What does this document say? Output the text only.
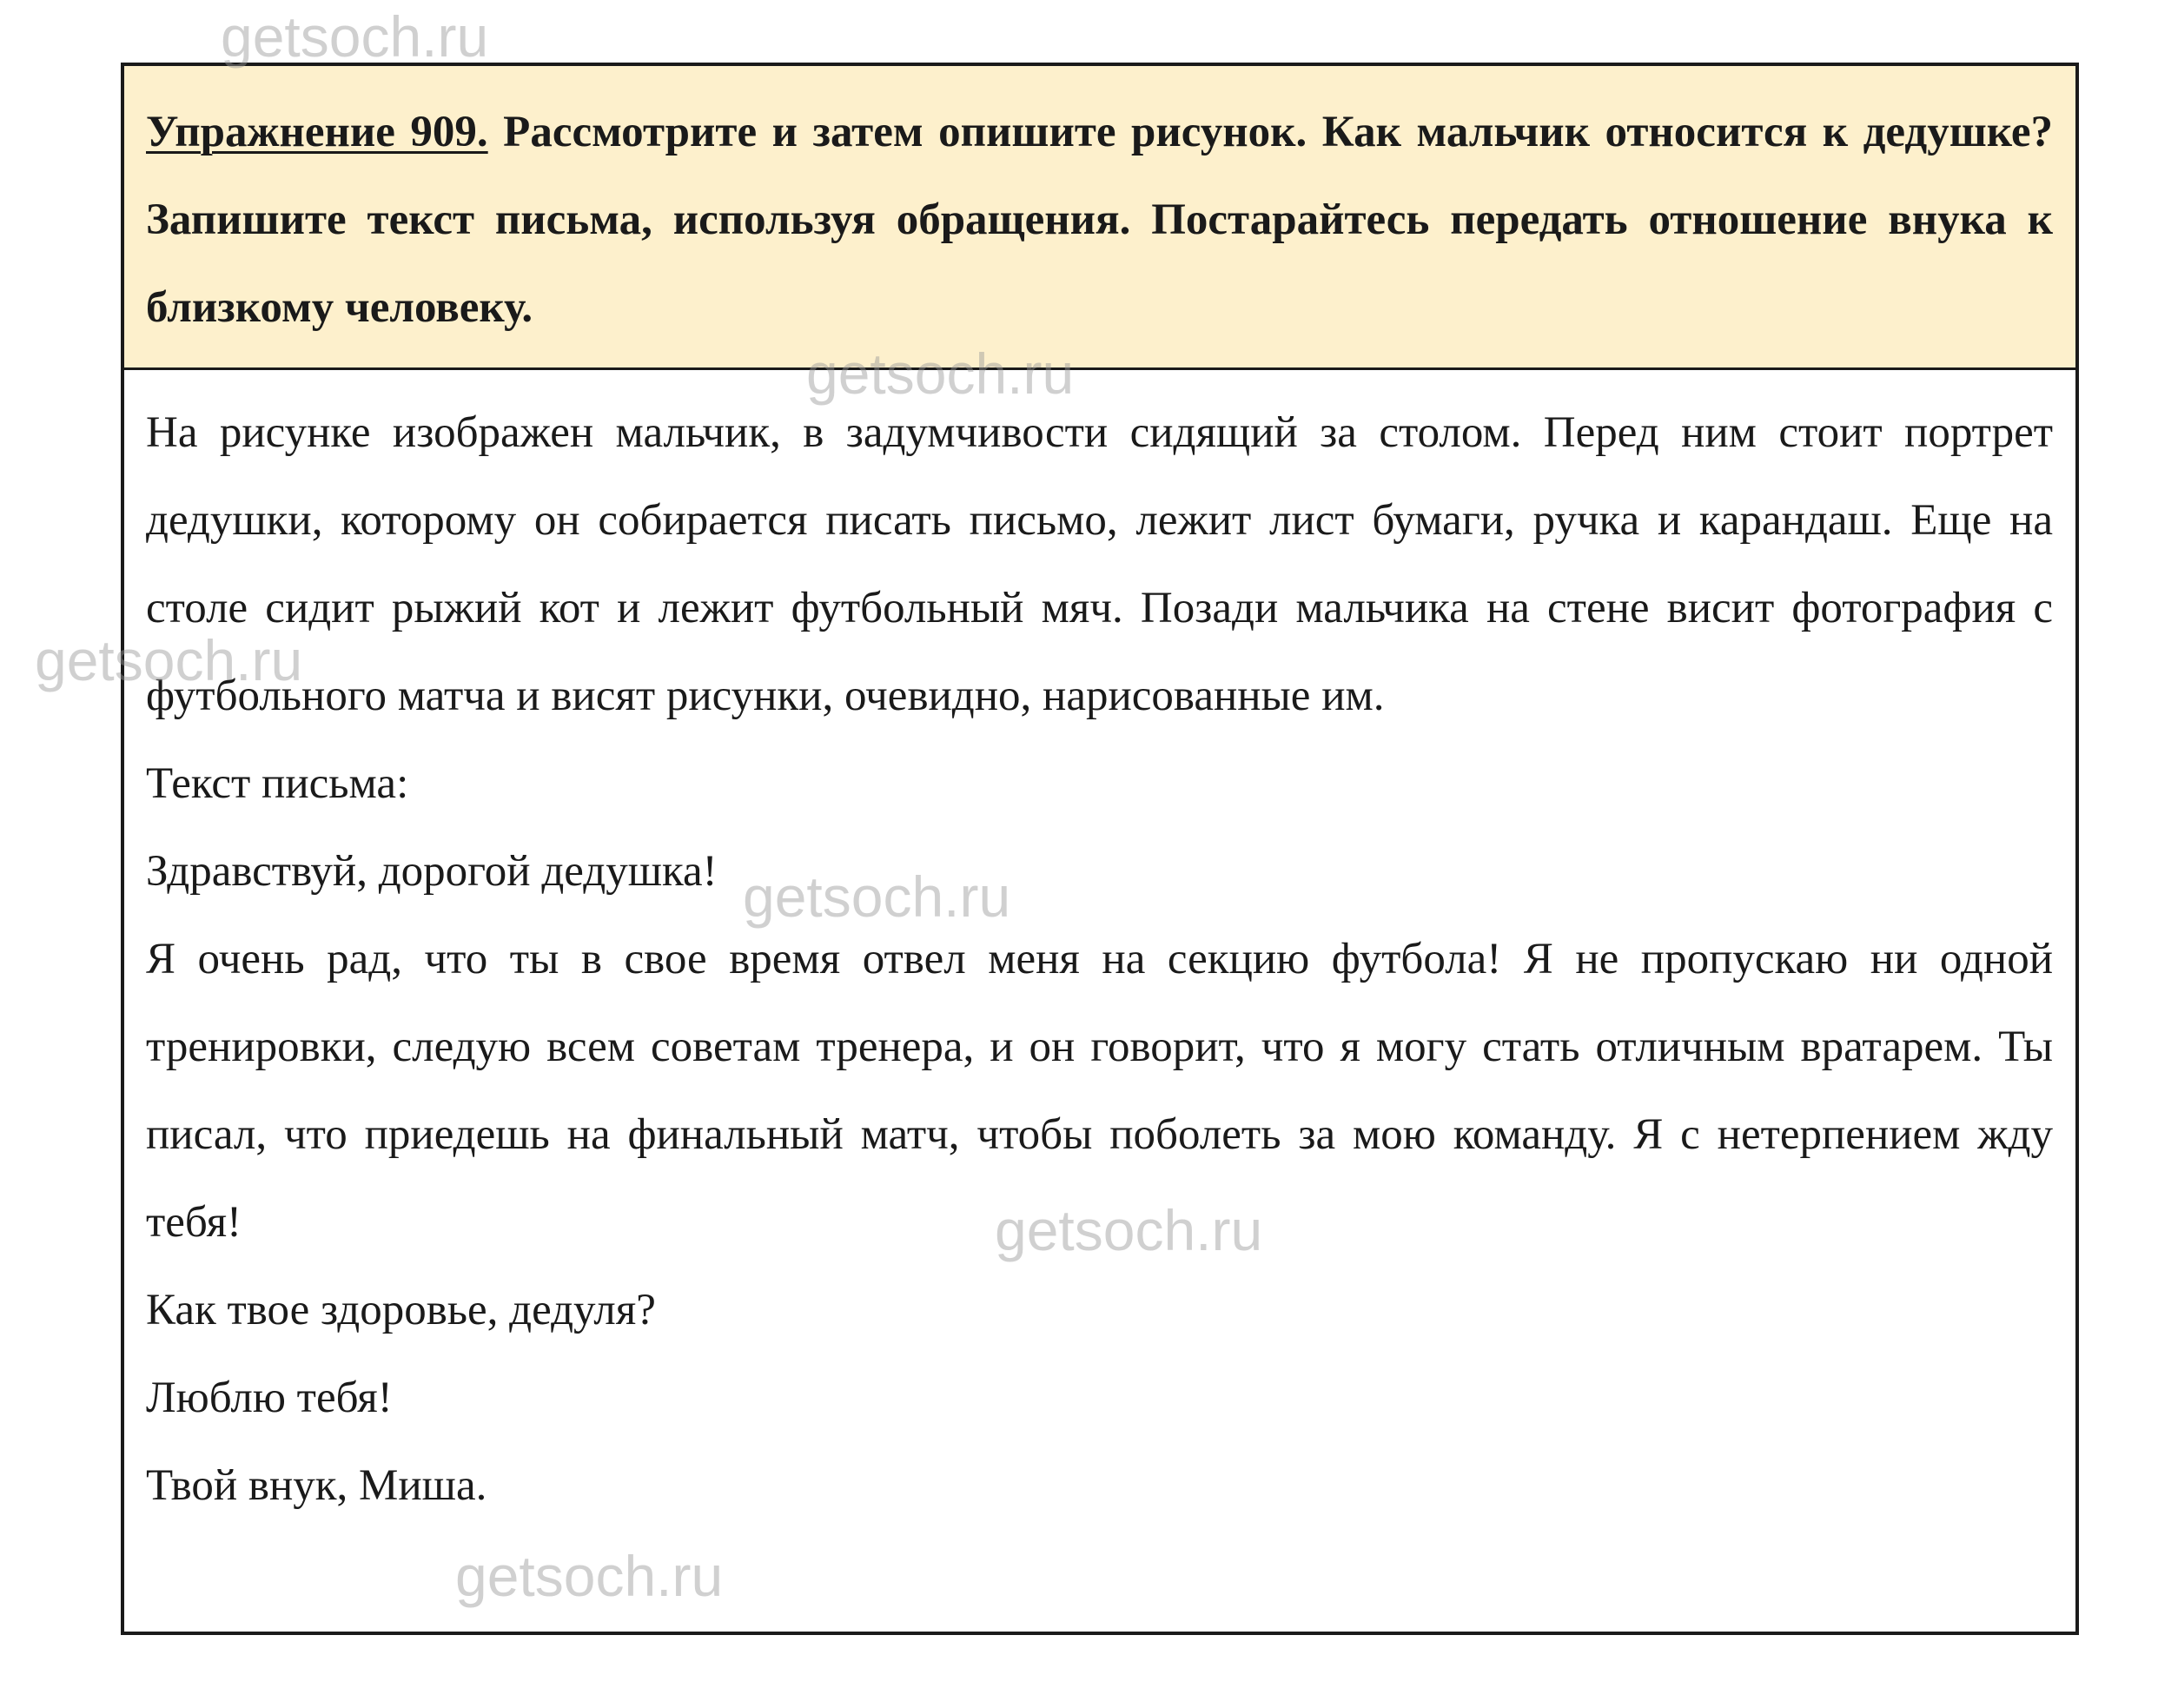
Упражнение 909. Рассмотрите и затем опишите рисунок. Как мальчик относится к дедушке? Запишите текст письма, используя обращения. Постарайтесь передать отношение внука к близкому человеку.

На рисунке изображен мальчик, в задумчивости сидящий за столом. Перед ним стоит портрет дедушки, которому он собирается писать письмо, лежит лист бумаги, ручка и карандаш. Еще на столе сидит рыжий кот и лежит футбольный мяч. Позади мальчика на стене висит фотография с футбольного матча и висят рисунки, очевидно, нарисованные им.

Текст письма:

Здравствуй, дорогой дедушка!

Я очень рад, что ты в свое время отвел меня на секцию футбола! Я не пропускаю ни одной тренировки, следую всем советам тренера, и он говорит, что я могу стать отличным вратарем. Ты писал, что приедешь на финальный матч, чтобы поболеть за мою команду. Я с нетерпением жду тебя!

Как твое здоровье, дедуля?

Люблю тебя!

Твой внук, Миша.

getsoch.ru
getsoch.ru
getsoch.ru
getsoch.ru
getsoch.ru
getsoch.ru
